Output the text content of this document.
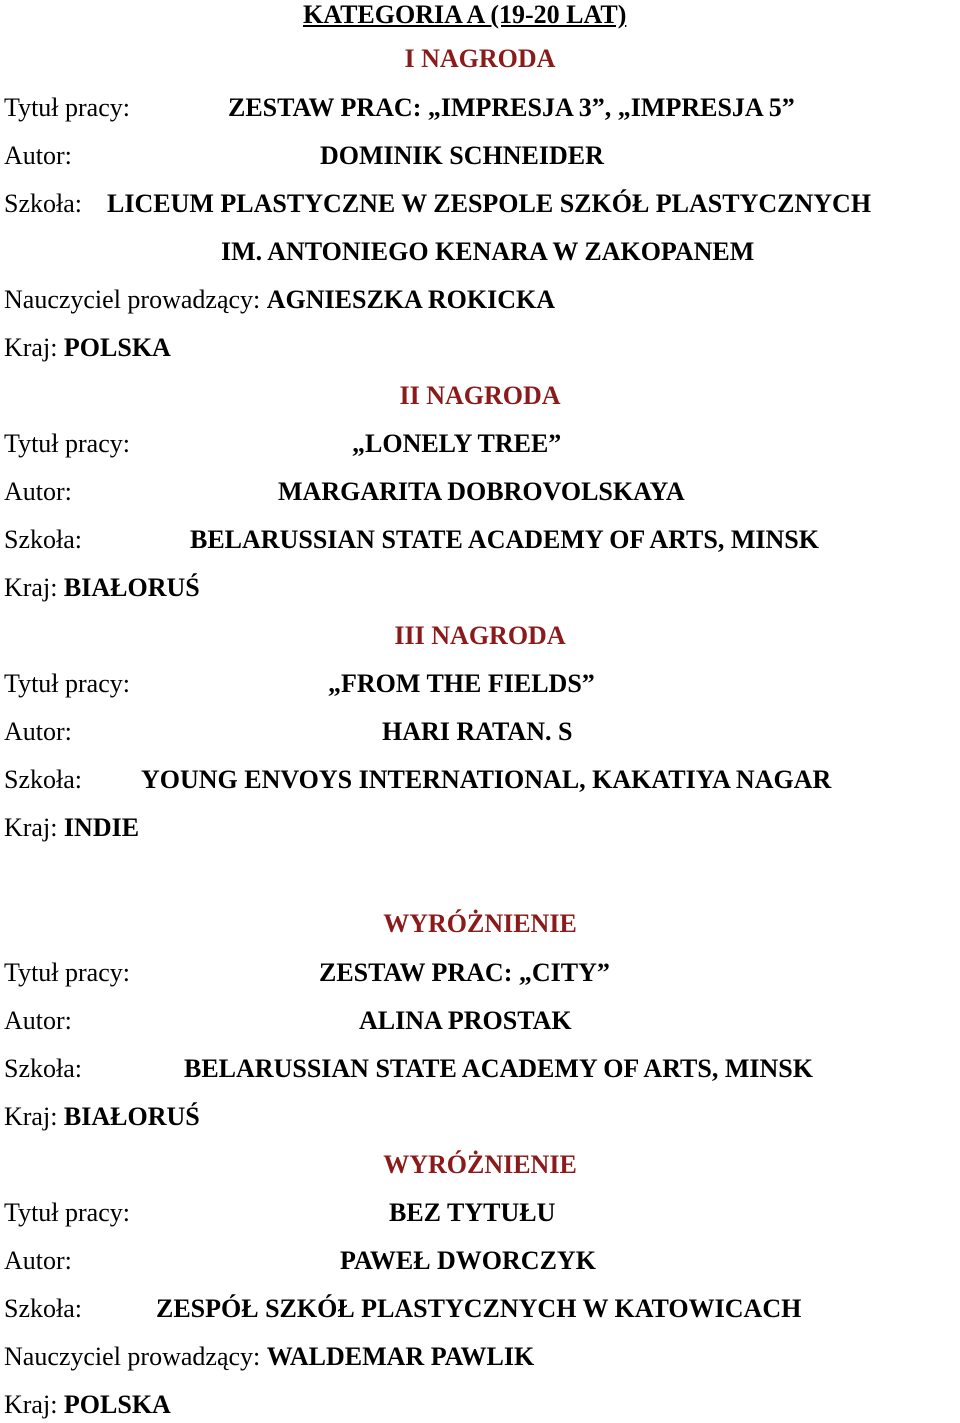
KATEGORIA A (19-20 LAT)
I NAGRODA
Tytuł pracy:	ZESTAW PRAC: „IMPRESJA 3”, „IMPRESJA 5”
Autor:	DOMINIK SCHNEIDER
Szkoła: LICEUM PLASTYCZNE W ZESPOLE SZKÓŁ PLASTYCZNYCH
IM. ANTONIEGO KENARA W ZAKOPANEM
Nauczyciel prowadzący: AGNIESZKA ROKICKA
Kraj: POLSKA
II NAGRODA
Tytuł pracy:	„LONELY TREE”
Autor:	MARGARITA DOBROVOLSKAYA
Szkoła:	BELARUSSIAN STATE ACADEMY OF ARTS, MINSK
Kraj: BIAŁORUŚ
III NAGRODA
Tytuł pracy:	„FROM THE FIELDS”
Autor:	HARI RATAN. S
Szkoła: YOUNG ENVOYS INTERNATIONAL, KAKATIYA NAGAR
Kraj: INDIE
WYRÓŻNIENIE
Tytuł pracy:	ZESTAW PRAC: „CITY”
Autor:	ALINA PROSTAK
Szkoła:	BELARUSSIAN STATE ACADEMY OF ARTS, MINSK
Kraj: BIAŁORUŚ
WYRÓŻNIENIE
Tytuł pracy:	BEZ TYTUŁU
Autor:	PAWEŁ DWORCZYK
Szkoła:	ZESPÓŁ SZKÓŁ PLASTYCZNYCH W KATOWICACH
Nauczyciel prowadzący: WALDEMAR PAWLIK
Kraj: POLSKA
